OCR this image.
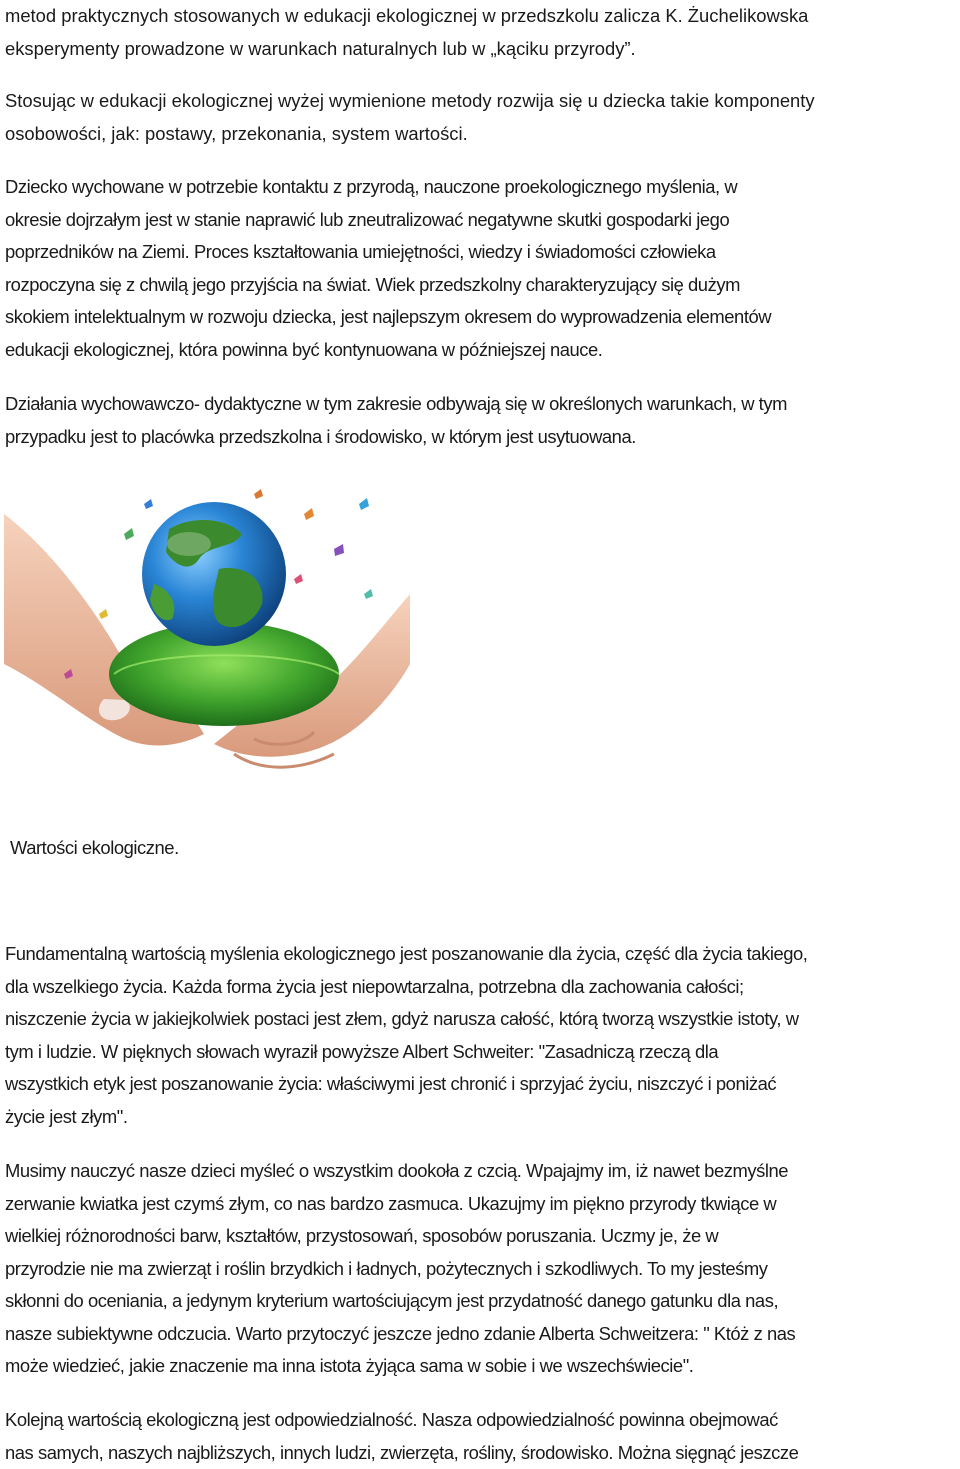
metod praktycznych stosowanych w edukacji ekologicznej w przedszkolu zalicza K. Żuchelikowska
eksperymenty prowadzone w warunkach naturalnych lub w „kąciku przyrody”.

Stosując w edukacji ekologicznej wyżej wymienione metody rozwija się u dziecka takie komponenty
osobowości, jak: postawy, przekonania, system wartości.

Dziecko wychowane w potrzebie kontaktu z przyrodą, nauczone proekologicznego myślenia, w
okresie dojrzałym jest w stanie naprawić lub zneutralizować negatywne skutki gospodarki jego
poprzedników na Ziemi. Proces kształtowania umiejętności, wiedzy i świadomości człowieka
rozpoczyna się z chwilą jego przyjścia na świat. Wiek przedszkolny charakteryzujący się dużym
skokiem intelektualnym w rozwoju dziecka, jest najlepszym okresem do wyprowadzenia elementów
edukacji ekologicznej, która powinna być kontynuowana w późniejszej nauce.

Działania wychowawczo- dydaktyczne w tym zakresie odbywają się w określonych warunkach, w tym
przypadku jest to placówka przedszkolna i środowisko, w którym jest usytuowana.

Wartości ekologiczne.

Fundamentalną wartością myślenia ekologicznego jest poszanowanie dla życia, część dla życia takiego,
dla wszelkiego życia. Każda forma życia jest niepowtarzalna, potrzebna dla zachowania całości;
niszczenie życia w jakiejkolwiek postaci jest złem, gdyż narusza całość, którą tworzą wszystkie istoty, w
tym i ludzie. W pięknych słowach wyraził powyższe Albert Schweiter: "Zasadniczą rzeczą dla
wszystkich etyk jest poszanowanie życia: właściwymi jest chronić i sprzyjać życiu, niszczyć i poniżać
życie jest złym".

Musimy nauczyć nasze dzieci myśleć o wszystkim dookoła z czcią. Wpajajmy im, iż nawet bezmyślne
zerwanie kwiatka jest czymś złym, co nas bardzo zasmuca. Ukazujmy im piękno przyrody tkwiące w
wielkiej różnorodności barw, kształtów, przystosowań, sposobów poruszania. Uczmy je, że w
przyrodzie nie ma zwierząt i roślin brzydkich i ładnych, pożytecznych i szkodliwych. To my jesteśmy
skłonni do oceniania, a jedynym kryterium wartościującym jest przydatność danego gatunku dla nas,
nasze subiektywne odczucia. Warto przytoczyć jeszcze jedno zdanie Alberta Schweitzera: " Któż z nas
może wiedzieć, jakie znaczenie ma inna istota żyjąca sama w sobie i we wszechświecie".

Kolejną wartością ekologiczną jest odpowiedzialność. Nasza odpowiedzialność powinna obejmować
nas samych, naszych najbliższych, innych ludzi, zwierzęta, rośliny, środowisko. Można sięgnąć jeszcze
